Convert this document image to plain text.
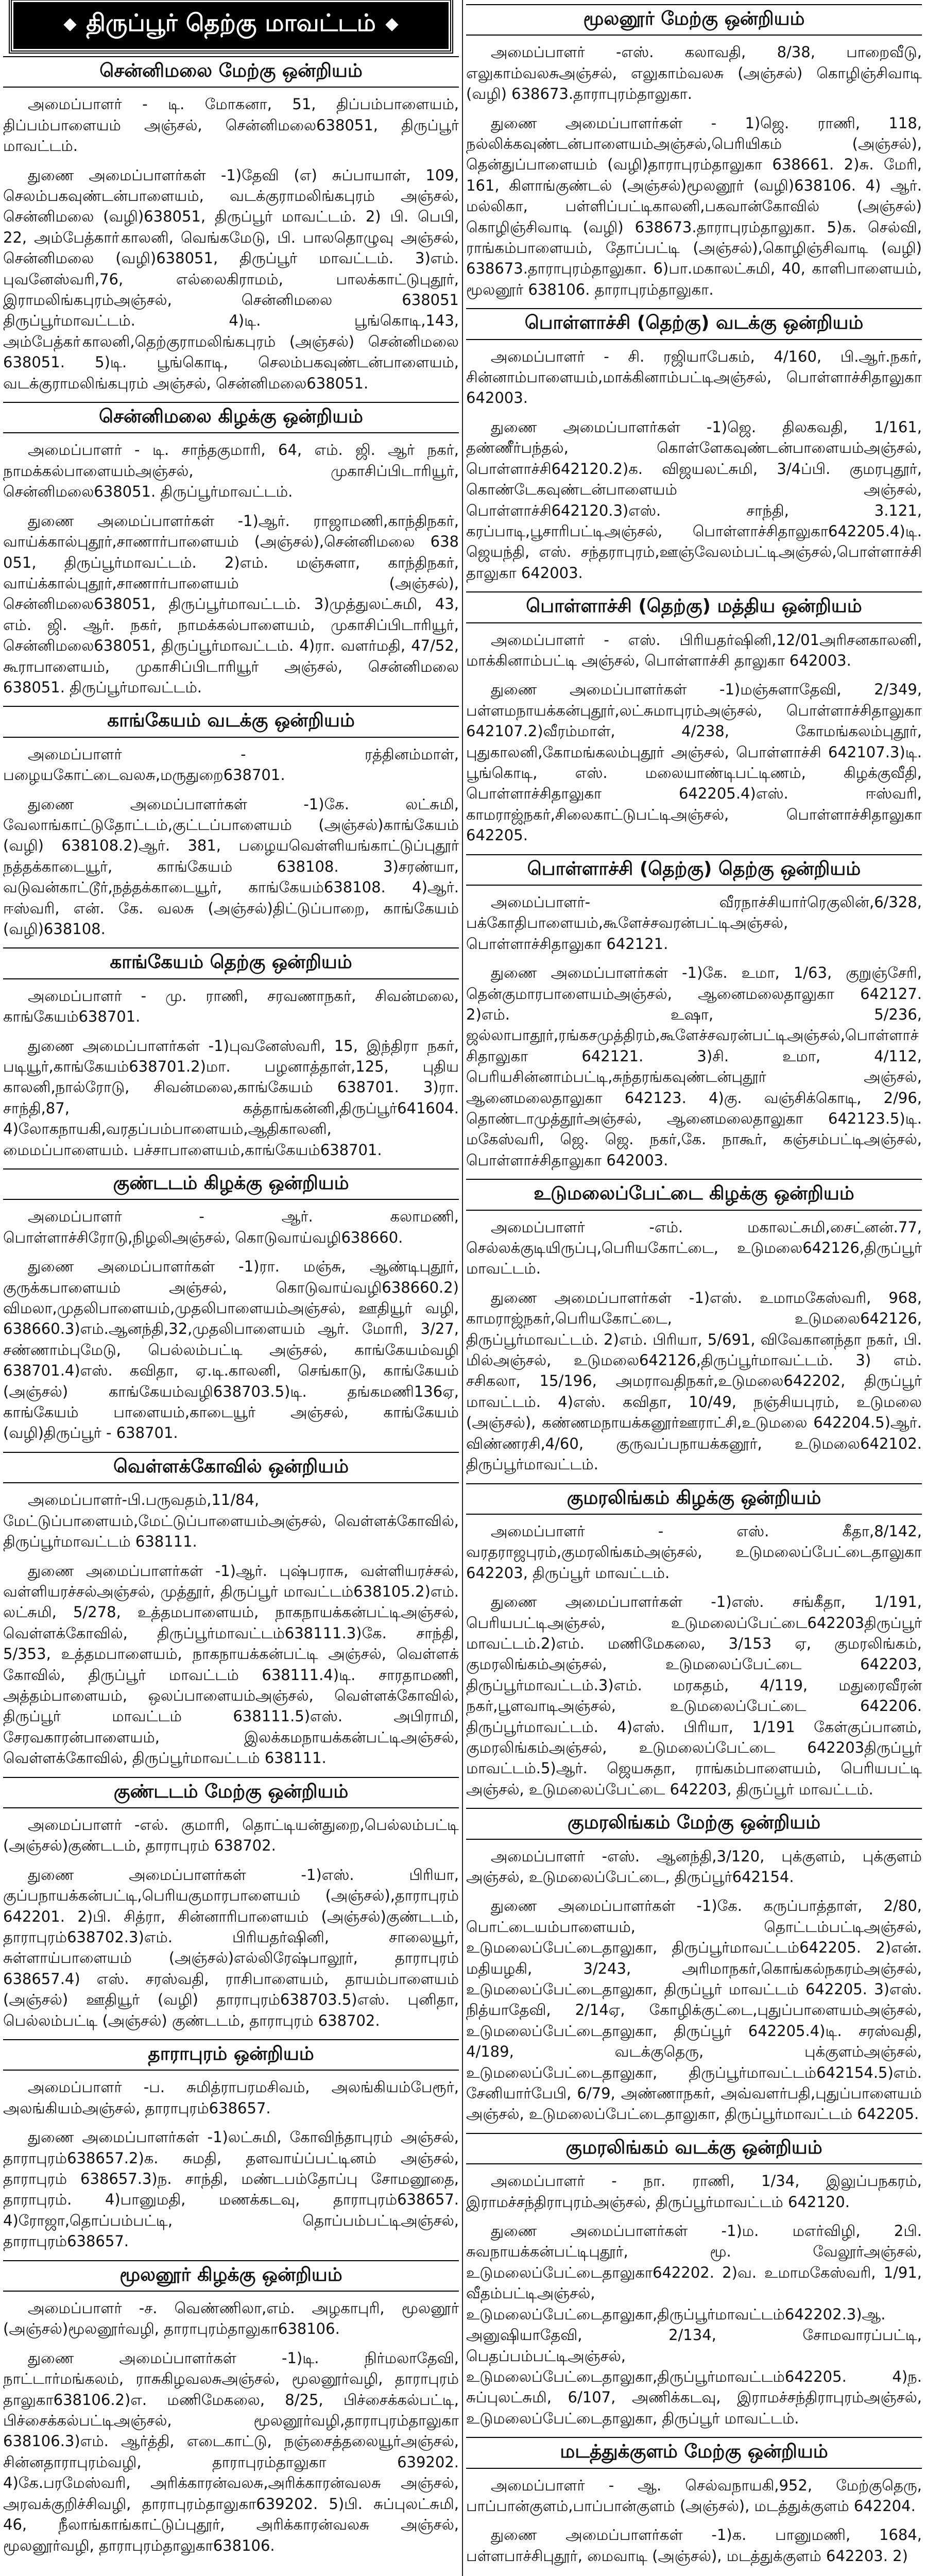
திருப்பூர் தெற்கு மாவட்டம்
சென்னிமலை மேற்கு ஒன்றியம்

அமைப்பாளர் - டி. மோகனா, 51, திப்பம்பாளையம், திப்பம்பாளையம் அஞ்சல், சென்னிமலை638051, திருப்பூர் மாவட்டம்.

துணை அமைப்பாளர்கள் -1)தேவி (எ) சுப்பாயாள், 109, செலம்பகவுண்டன்பாளையம், வடக்குராமலிங்கபுரம் அஞ்சல், சென்னிமலை (வழி)638051, திருப்பூர் மாவட்டம். 2) பி. பெபி, 22, அம்பேத்காா்காலனி, வெங்கமேடு, பி. பாலதொழுவு அஞ்சல், சென்னிமலை (வழி)638051, திருப்பூர் மாவட்டம். 3)எம். புவனேஸ்வரி,76, எல்லைகிராமம், பாலக்காட்டுபுதூர், இராமலிங்கபுரம்அஞ்சல், சென்னிமலை 638051 திருப்பூர்மாவட்டம். 4)டி. பூங்கொடி,143, அம்பேத்கா்காலனி,தெற்குராமலிங்கபுரம் (அஞ்சல்) சென்னிமலை 638051. 5)டி. பூங்கொடி, செலம்பகவுண்டன்பாளையம், வடக்குராமலிங்கபுரம் அஞ்சல், சென்னிமலை638051.

சென்னிமலை கிழக்கு ஒன்றியம்

அமைப்பாளர் - டி. சாந்தகுமாரி, 64, எம். ஜி. ஆர் நகர், நாமக்கல்பாளையம்அஞ்சல், முகாசிப்பிடாரியூர், சென்னிமலை638051. திருப்பூர்மாவட்டம்.

துணை அமைப்பாளர்கள் -1)ஆர். ராஜாமணி,காந்திநகர், வாய்க்கால்புதூர்,சாணார்பாளையம் (அஞ்சல்),சென்னிமலை 638 051, திருப்பூர்மாவட்டம். 2)எம். மஞ்சுளா, காந்திநகர், வாய்க்கால்புதூர்,சாணார்பாளையம் (அஞ்சல்), சென்னிமலை638051, திருப்பூர்மாவட்டம். 3)முத்துலட்சுமி, 43, எம். ஜி. ஆர். நகர், நாமக்கல்பாளையம், முகாசிப்பிடாரியூர், சென்னிமலை638051, திருப்பூர்மாவட்டம். 4)ரா. வளர்மதி, 47/52, கூராபாளையம், முகாசிப்பிடாரியூர் அஞ்சல், சென்னிமலை 638051. திருப்பூர்மாவட்டம்.

காங்கேயம் வடக்கு ஒன்றியம்

அமைப்பாளர் - ரத்தினம்மாள், பழையகோட்டைவலசு,மருதுறை638701.

துணை அமைப்பாளர்கள் -1)கே. லட்சுமி, வேலாங்காட்டுதோட்டம்,குட்டப்பாளையம் (அஞ்சல்)காங்கேயம் (வழி) 638108.2)ஆர். 381, பழையவெள்ளியங்காட்டுப்புதூர் நத்தக்காடையூர், காங்கேயம் 638108. 3)சரண்யா, வடுவன்காட்டூர்,நத்தக்காடையூர், காங்கேயம்638108. 4)ஆர். ஈஸ்வரி, என். கே. வலசு (அஞ்சல்)திட்டுப்பாறை, காங்கேயம் (வழி)638108.

காங்கேயம் தெற்கு ஒன்றியம்

அமைப்பாளர் - மு. ராணி, சரவணாநகர், சிவன்மலை, காங்கேயம்638701.

துணை அமைப்பாளர்கள் -1)புவனேஸ்வரி, 15, இந்திரா நகர், படியூர்,காங்கேயம்638701.2)மா. பழனாத்தாள்,125, புதிய காலனி,நால்ரோடு, சிவன்மலை,காங்கேயம் 638701. 3)ரா. சாந்தி,87, கத்தாங்கன்னி,திருப்பூர்641604. 4)லோகநாயகி,வரதப்பம்பாளையம்,ஆதிகாலனி, மைமப்பாளையம். பச்சாபாளையம்,காங்கேயம்638701.

குண்டடம் கிழக்கு ஒன்றியம்

அமைப்பாளர் - ஆர். கலாமணி, பொள்ளாச்சிரோடு,நிழலிஅஞ்சல், கொடுவாய்வழி638660.

துணை அமைப்பாளர்கள் -1)ரா. மஞ்சு, ஆண்டிபுதூர், குருக்கபாளையம் அஞ்சல், கொடுவாய்வழி638660.2) விமலா,முதலிபாளையம்,முதலிபாளையம்அஞ்சல், ஊதியூர் வழி, 638660.3)எம்.ஆனந்தி,32,முதலிபாளையம் ஆர். மோரி, 3/27, சண்ணாம்புமேடு, பெல்லம்பட்டி அஞ்சல், காங்கேயம்வழி 638701.4)எஸ். கவிதா, ஏ.டி.காலனி, செங்காடு, காங்கேயம் (அஞ்சல்) காங்கேயம்வழி638703.5)டி. தங்கமணி136ஏ, காங்கேயம் பாளையம்,காடையூர் அஞ்சல், காங்கேயம் (வழி)திருப்பூர் - 638701.

வெள்ளக்கோவில் ஒன்றியம்

அமைப்பாளர்-பி.பருவதம்,11/84, மேட்டுப்பாளையம்,மேட்டுப்பாளையம்அஞ்சல், வெள்ளக்கோவில், திருப்பூர்மாவட்டம் 638111.

துணை அமைப்பாளர்கள் -1)ஆர். புஷ்பராசு, வள்ளியரச்சல், வள்ளியரச்சல்அஞ்சல், முத்தூர், திருப்பூர் மாவட்டம்638105.2)எம். லட்சுமி, 5/278, உத்தமபாளையம், நாகநாயக்கன்பட்டிஅஞ்சல், வெள்ளக்கோவில், திருப்பூர்மாவட்டம்638111.3)கே. சாந்தி, 5/353, உத்தமபாளையம், நாகநாயக்கன்பட்டி அஞ்சல், வெள்ளக் கோவில், திருப்பூர் மாவட்டம் 638111.4)டி. சாரதாமணி, அத்தம்பாளையம், ஒலப்பாளையம்அஞ்சல், வெள்ளக்கோவில், திருப்பூர் மாவட்டம் 638111.5)எஸ். அபிராமி, சேரவகாரன்பாளையம், இலக்கமநாயக்கன்பட்டிஅஞ்சல், வெள்ளக்கோவில், திருப்பூர்மாவட்டம் 638111.

குண்டடம் மேற்கு ஒன்றியம்

அமைப்பாளர் -எல். குமாரி, தொட்டியன்துறை,பெல்லம்பட்டி (அஞ்சல்)குண்டடம், தாராபுரம் 638702.

துணை அமைப்பாளர்கள் -1)எஸ். பிரியா, குப்பநாயக்கன்பட்டி,பெரியகுமாரபாளையம் (அஞ்சல்),தாராபுரம் 642201. 2)பி. சித்ரா, சின்னாரிபாளையம் (அஞ்சல்)குண்டடம், தாராபுரம்638702.3)எம். பிரியதர்ஷினி, சாலையூர், சுள்ளாய்பாளையம் (அஞ்சல்)எல்லிரேஷ்பாலூர், தாராபுரம் 638657.4) எஸ். சரஸ்வதி, ராசிபாளையம், தாயம்பாளையம் (அஞ்சல்) ஊதியூர் (வழி) தாராபுரம்638703.5)எஸ். புனிதா, பெல்லம்பட்டி (அஞ்சல்) குண்டடம், தாராபுரம் 638702.

தாராபுரம் ஒன்றியம்

அமைப்பாளர் -ப. சுமித்ராபரமசிவம், அலங்கியம்பேரூர், அலங்கியம்அஞ்சல், தாராபுரம்638657.

துணை அமைப்பாளர்கள் -1)லட்சுமி, கோவிந்தாபுரம் அஞ்சல், தாராபுரம்638657.2)க. சுமதி, தளவாய்ப்பட்டினம் அஞ்சல், தாராபுரம் 638657.3)ந. சாந்தி, மண்டபம்தோப்பு சோமனூதை, தாராபுரம். 4)பானுமதி, மணக்கடவு, தாராபுரம்638657. 4)ரோஜா,தொப்பம்பட்டி, தொப்பம்பட்டிஅஞ்சல், தாராபுரம்638657.

மூலனூர் கிழக்கு ஒன்றியம்

அமைப்பாளர் -ச. வெண்ணிலா,எம். அழகாபுரி, மூலனூர் (அஞ்சல்)மூலனூர்வழி, தாராபுரம்தாலுகா638106.

துணை அமைப்பாளர்கள் -1)டி. நிர்மலாதேவி, நாட்டார்மங்கலம், ராசுகிழவலசுஅஞ்சல், மூலனூர்வழி, தாராபுரம் தாலுகா638106.2)எ. மணிமேகலை, 8/25, பிச்சைக்கல்பட்டி, பிச்சைக்கல்பட்டிஅஞ்சல், மூலனூர்வழி,தாராபுரம்தாலுகா 638106.3)எம். ஆர்த்தி, எடைகாட்டு, நஞ்சைத்தலையூர்அஞ்சல், சின்னதாராபுரம்வழி, தாராபுரம்தாலுகா 639202. 4)கே.பரமேஸ்வரி, அரிக்காரன்வலசு,அரிக்காரன்வலசு அஞ்சல், அரவக்குறிச்சிவழி, தாராபுரம்தாலுகா639202. 5)பி. சுப்புலட்சுமி, 46, நீலாங்காங்காட்டுப்புதூர், அரிக்காரன்வலசு அஞ்சல், மூலனூர்வழி, தாராபுரம்தாலுகா638106.

மூலனூர் மேற்கு ஒன்றியம்

அமைப்பாளர் -எஸ். கலாவதி, 8/38, பாறைவீடு, எலுகாம்வலசுஅஞ்சல், எலுகாம்வலசு (அஞ்சல்) கொழிஞ்சிவாடி (வழி) 638673.தாராபுரம்தாலுகா.

துணை அமைப்பாளர்கள் - 1)ஜெ. ராணி, 118, நல்லிக்கவுண்டன்பாளையம்அஞ்சல்,பெரியிகம் (அஞ்சல்), தென்துப்பாளையம் (வழி)தாராபுரம்தாலுகா 638661. 2)சு. மேரி, 161, கிளாங்குண்டல் (அஞ்சல்)மூலனூர் (வழி)638106. 4) ஆர். மல்லிகா, பள்ளிப்பட்டிகாலனி,பகவான்கோவில் (அஞ்சல்) கொழிஞ்சிவாடி (வழி) 638673.தாராபுரம்தாலுகா. 5)க. செல்வி, ராங்கம்பாளையம், தோப்பட்டி (அஞ்சல்),கொழிஞ்சிவாடி (வழி) 638673.தாராபுரம்தாலுகா. 6)பா.மகாலட்சுமி, 40, காளிபாளையம், மூலனூர் 638106. தாராபுரம்தாலுகா.

பொள்ளாச்சி (தெற்கு) வடக்கு ஒன்றியம்

அமைப்பாளர் - சி. ரஜியாபேகம், 4/160, பி.ஆர்.நகர், சின்னாம்பாளையம்,மாக்கினாம்பட்டிஅஞ்சல், பொள்ளாச்சிதாலுகா 642003.

துணை அமைப்பாளர்கள் -1)ஜெ. திலகவதி, 1/161, தண்ணீர்பந்தல், கொள்ளேகவுண்டன்பாளையம்அஞ்சல், பொள்ளாச்சி642120.2)க. விஜயலட்சுமி, 3/4ப்பி. குமரபுதூர், கொண்டேகவுண்டன்பாளையம் அஞ்சல், பொள்ளாச்சி642120.3)எஸ். சாந்தி, 3.121, கரப்பாடி,பூசாரிபட்டிஅஞ்சல், பொள்ளாச்சிதாலுகா642205.4)டி. ஜெயந்தி, எஸ். சந்தராபுரம்,ஊஞ்வேலம்பட்டிஅஞ்சல்,பொள்ளாச்சி தாலுகா 642003.

பொள்ளாச்சி (தெற்கு) மத்திய ஒன்றியம்

அமைப்பாளர் - எஸ். பிரியதர்ஷினி,12/01அரிசனகாலனி, மாக்கினாம்பட்டி அஞ்சல், பொள்ளாச்சி தாலுகா 642003.

துணை அமைப்பாளர்கள் -1)மஞ்சுளாதேவி, 2/349, பள்ளமநாயக்கன்புதூர்,லட்சுமாபுரம்அஞ்சல், பொள்ளாச்சிதாலுகா 642107.2)வீரம்மாள், 4/238, கோமங்கலம்புதூர், புதுகாலனி,கோமங்கலம்புதூர் அஞ்சல், பொள்ளாச்சி 642107.3)டி. பூங்கொடி, எஸ். மலையாண்டிபட்டிணம், கிழக்குவீதி, பொள்ளாச்சிதாலுகா 642205.4)எஸ். ஈஸ்வரி, காமராஜ்நகர்,சிலைகாட்டுபட்டிஅஞ்சல், பொள்ளாச்சிதாலுகா 642205.

பொள்ளாச்சி (தெற்கு) தெற்கு ஒன்றியம்

அமைப்பாளர்- வீரநாச்சியார்ரெகுலின்,6/328, பக்கோதிபாளையம்,கூளேச்சவரன்பட்டிஅஞ்சல், பொள்ளாச்சிதாலுகா 642121.

துணை அமைப்பாளர்கள் -1)கே. உமா, 1/63, குறுஞ்சேரி, தென்குமாரபாளையம்அஞ்சல், ஆனைமலைதாலுகா 642127. 2)எம். உஷா, 5/236, ஜல்லாபாதூர்,ரங்கசமுத்திரம்,கூளேச்சவரன்பட்டிஅஞ்சல்,பொள்ளாச்சிதாலுகா 642121. 3)சி. உமா, 4/112, பெரியசின்னாம்பட்டி,சுந்தரங்கவுண்டன்புதூர் அஞ்சல், ஆனைமலைதாலுகா 642123. 4)கு. வஞ்சிக்கொடி, 2/96, தொண்டாமுத்தூர்அஞ்சல், ஆனைமலைதாலுகா 642123.5)டி. மகேஸ்வரி, ஜெ. ஜெ. நகர்,கே. நாகூர், கஞ்சம்பட்டிஅஞ்சல், பொள்ளாச்சிதாலுகா 642003.

உடுமலைப்பேட்டை கிழக்கு ஒன்றியம்

அமைப்பாளர் -எம். மகாலட்சுமி,சைட்னன்.77, செல்லக்குடியிருப்பு,பெரியகோட்டை, உடுமலை642126,திருப்பூர் மாவட்டம்.

துணை அமைப்பாளர்கள் -1)எஸ். உமாமகேஸ்வரி, 968, காமராஜ்நகர்,பெரியகோட்டை, உடுமலை642126, திருப்பூர்மாவட்டம். 2)எம். பிரியா, 5/691, விவேகானந்தா நகர், பி. மில்அஞ்சல், உடுமலை642126,திருப்பூர்மாவட்டம். 3) எம். சசிகலா, 15/196, அமராவதிநகர்,உடுமலை642202, திருப்பூர் மாவட்டம். 4)எஸ். கவிதா, 10/49, நஞ்சியபுரம், உடுமலை (அஞ்சல்), கண்ணமநாயக்கனூர்ஊராட்சி,உடுமலை 642204.5)ஆர். விண்ணரசி,4/60, குருவப்பநாயக்கனூர், உடுமலை642102. திருப்பூர்மாவட்டம்.

குமரலிங்கம் கிழக்கு ஒன்றியம்

அமைப்பாளர் - எஸ். கீதா,8/142, வரதராஜபுரம்,குமரலிங்கம்அஞ்சல், உடுமலைப்பேட்டைதாலுகா 642203, திருப்பூர் மாவட்டம்.

துணை அமைப்பாளர்கள் -1)எஸ். சங்கீதா, 1/191, பெரியபட்டிஅஞ்சல், உடுமலைப்பேட்டை642203திருப்பூர் மாவட்டம்.2)எம். மணிமேகலை, 3/153 ஏ, குமரலிங்கம், குமரலிங்கம்அஞ்சல், உடுமலைப்பேட்டை 642203, திருப்பூர்மாவட்டம்.3)எம். மரகதம், 4/119, மதுரைவீரன் நகர்,பூளவாடிஅஞ்சல், உடுமலைப்பேட்டை 642206. திருப்பூர்மாவட்டம். 4)எஸ். பிரியா, 1/191 கேள்குப்பானம், குமரலிங்கம்அஞ்சல், உடுமலைப்பேட்டை 642203திருப்பூர் மாவட்டம்.5)ஆர். ஜெயசுதா, ராங்கம்பாளையம், பெரியபட்டி அஞ்சல், உடுமலைப்பேட்டை 642203, திருப்பூர் மாவட்டம்.

குமரலிங்கம் மேற்கு ஒன்றியம்

அமைப்பாளர் -எஸ். ஆனந்தி,3/120, புக்குளம், புக்குளம் அஞ்சல், உடுமலைப்பேட்டை, திருப்பூர்642154.

துணை அமைப்பாளர்கள் -1)கே. கருப்பாத்தாள், 2/80, பொட்டையம்பாளையம், தொட்டம்பட்டிஅஞ்சல், உடுமலைப்பேட்டைதாலுகா, திருப்பூர்மாவட்டம்642205. 2)என். மதியழகி, 3/243, அரிமாநகர்,கொங்கல்நகரம்அஞ்சல், உடுமலைப்பேட்டைதாலுகா, திருப்பூர் மாவட்டம் 642205. 3)எஸ். நித்யாதேவி, 2/14ஏ, கோழிக்குட்டை,புதுப்பாளையம்அஞ்சல், உடுமலைப்பேட்டைதாலுகா, திருப்பூர் 642205.4)டி. சரஸ்வதி, 4/189, வடக்குதெரு, புக்குளம்அஞ்சல், உடுமலைப்பேட்டைதாலுகா, திருப்பூர்மாவட்டம்642154.5)எம். சேனியார்பேபி, 6/79, அண்ணாநகர், அவ்வளர்பதி,புதுப்பாளையம் அஞ்சல், உடுமலைப்பேட்டைதாலுகா, திருப்பூர்மாவட்டம் 642205.

குமரலிங்கம் வடக்கு ஒன்றியம்

அமைப்பாளர் - நா. ராணி, 1/34, இலுப்பநகரம், இராமச்சந்திராபுரம்அஞ்சல், திருப்பூர்மாவட்டம் 642120.

துணை அமைப்பாளர்கள் -1)ம. மஎர்விழி, 2பி. சுவநாயக்கன்பட்டிபுதூர், மூ. வேலூர்அஞ்சல், உடுமலைப்பேட்டைதாலுகா642202. 2)வ. உமாமகேஸ்வரி, 1/91, வீதம்பட்டிஅஞ்சல், உடுமலைப்பேட்டைதாலுகா,திருப்பூர்மாவட்டம்642202.3)ஆ. அனுஷியாதேவி, 2/134, சோமவாரப்பட்டி, பெதப்பம்பட்டிஅஞ்சல், உடுமலைப்பேட்டைதாலுகா,திருப்பூர்மாவட்டம்642205. 4)ந. சுப்புலட்சுமி, 6/107, அணிக்கடவு, இராமச்சந்திராபுரம்அஞ்சல், உடுமலைப்பேட்டைதாலுகா, திருப்பூர் மாவட்டம்.

மடத்துக்குளம் மேற்கு ஒன்றியம்

அமைப்பாளர் - ஆ. செல்வநாயகி,952, மேற்குதெரு, பாப்பான்குளம்,பாப்பான்குளம் (அஞ்சல்), மடத்துக்குளம் 642204.

துணை அமைப்பாளர்கள் -1)க. பானுமணி, 1684, பள்ளபாச்சிபுதூர், மைவாடி (அஞ்சல்), மடத்துக்குளம் 642203. 2)
